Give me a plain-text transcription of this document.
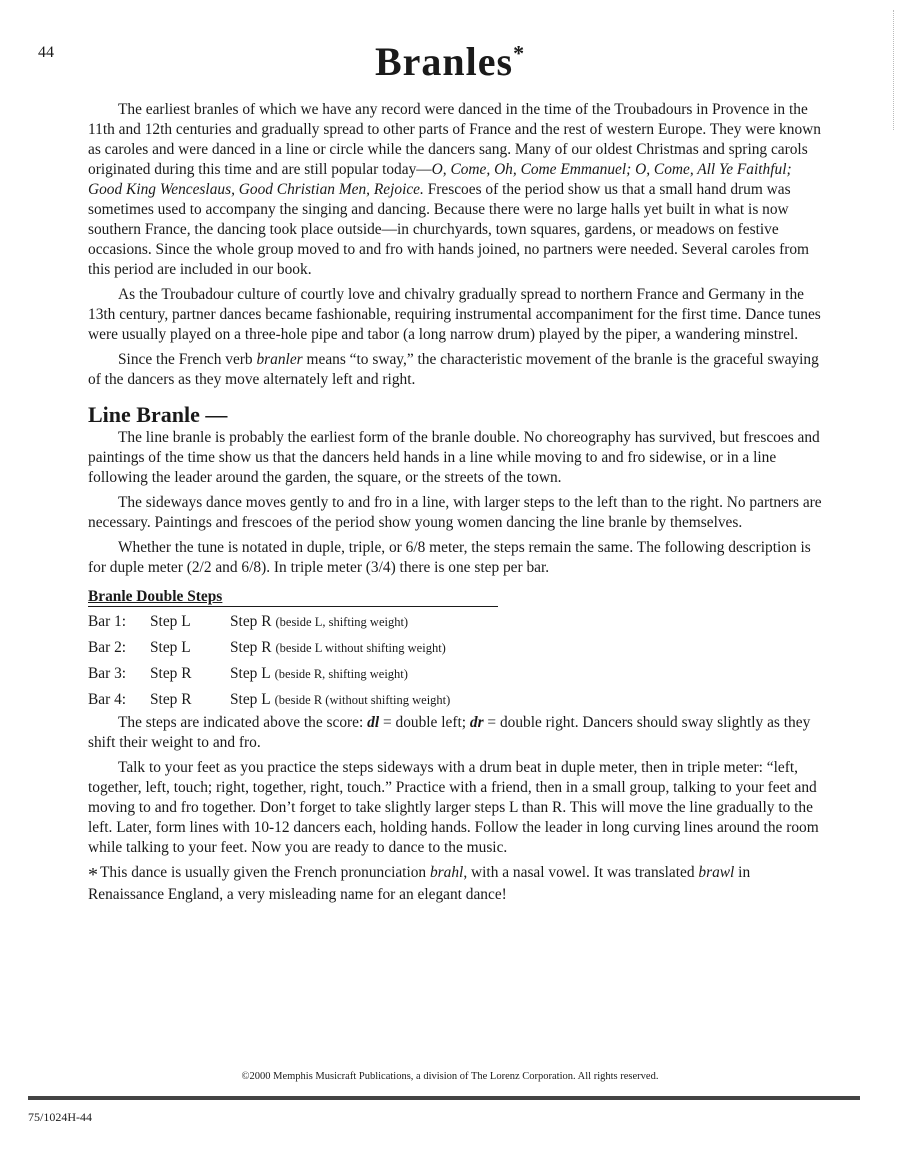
44	Branles*

The earliest branles of which we have any record were danced in the time of the Troubadours in Provence in the 11th and 12th centuries and gradually spread to other parts of France and the rest of western Europe. They were known as caroles and were danced in a line or circle while the dancers sang. Many of our oldest Christmas and spring carols originated during this time and are still popular today—O, Come, Oh, Come Emmanuel; O, Come, All Ye Faithful; Good King Wenceslaus, Good Christian Men, Rejoice. Frescoes of the period show us that a small hand drum was sometimes used to accompany the singing and dancing. Because there were no large halls yet built in what is now southern France, the dancing took place outside—in churchyards, town squares, gardens, or meadows on festive occasions. Since the whole group moved to and fro with hands joined, no partners were needed. Several caroles from this period are included in our book.

As the Troubadour culture of courtly love and chivalry gradually spread to northern France and Germany in the 13th century, partner dances became fashionable, requiring instrumental accompaniment for the first time. Dance tunes were usually played on a three-hole pipe and tabor (a long narrow drum) played by the piper, a wandering minstrel.

Since the French verb branler means “to sway,” the characteristic movement of the branle is the graceful swaying of the dancers as they move alternately left and right.

Line Branle —

The line branle is probably the earliest form of the branle double. No choreography has survived, but frescoes and paintings of the time show us that the dancers held hands in a line while moving to and fro sidewise, or in a line following the leader around the garden, the square, or the streets of the town.

The sideways dance moves gently to and fro in a line, with larger steps to the left than to the right. No partners are necessary. Paintings and frescoes of the period show young women dancing the line branle by themselves.

Whether the tune is notated in duple, triple, or 6/8 meter, the steps remain the same. The following description is for duple meter (2/2 and 6/8). In triple meter (3/4) there is one step per bar.

Branle Double Steps
Bar 1:	Step L	Step R (beside L, shifting weight)
Bar 2:	Step L	Step R (beside L without shifting weight)
Bar 3:	Step R	Step L (beside R, shifting weight)
Bar 4:	Step R	Step L (beside R (without shifting weight)

The steps are indicated above the score: dl = double left; dr = double right. Dancers should sway slightly as they shift their weight to and fro.

Talk to your feet as you practice the steps sideways with a drum beat in duple meter, then in triple meter: “left, together, left, touch; right, together, right, touch.” Practice with a friend, then in a small group, talking to your feet and moving to and fro together. Don’t forget to take slightly larger steps L than R. This will move the line gradually to the left. Later, form lines with 10-12 dancers each, holding hands. Follow the leader in long curving lines around the room while talking to your feet. Now you are ready to dance to the music.

* This dance is usually given the French pronunciation brahl, with a nasal vowel. It was translated brawl in Renaissance England, a very misleading name for an elegant dance!

©2000 Memphis Musicraft Publications, a division of The Lorenz Corporation. All rights reserved.
75/1024H-44
